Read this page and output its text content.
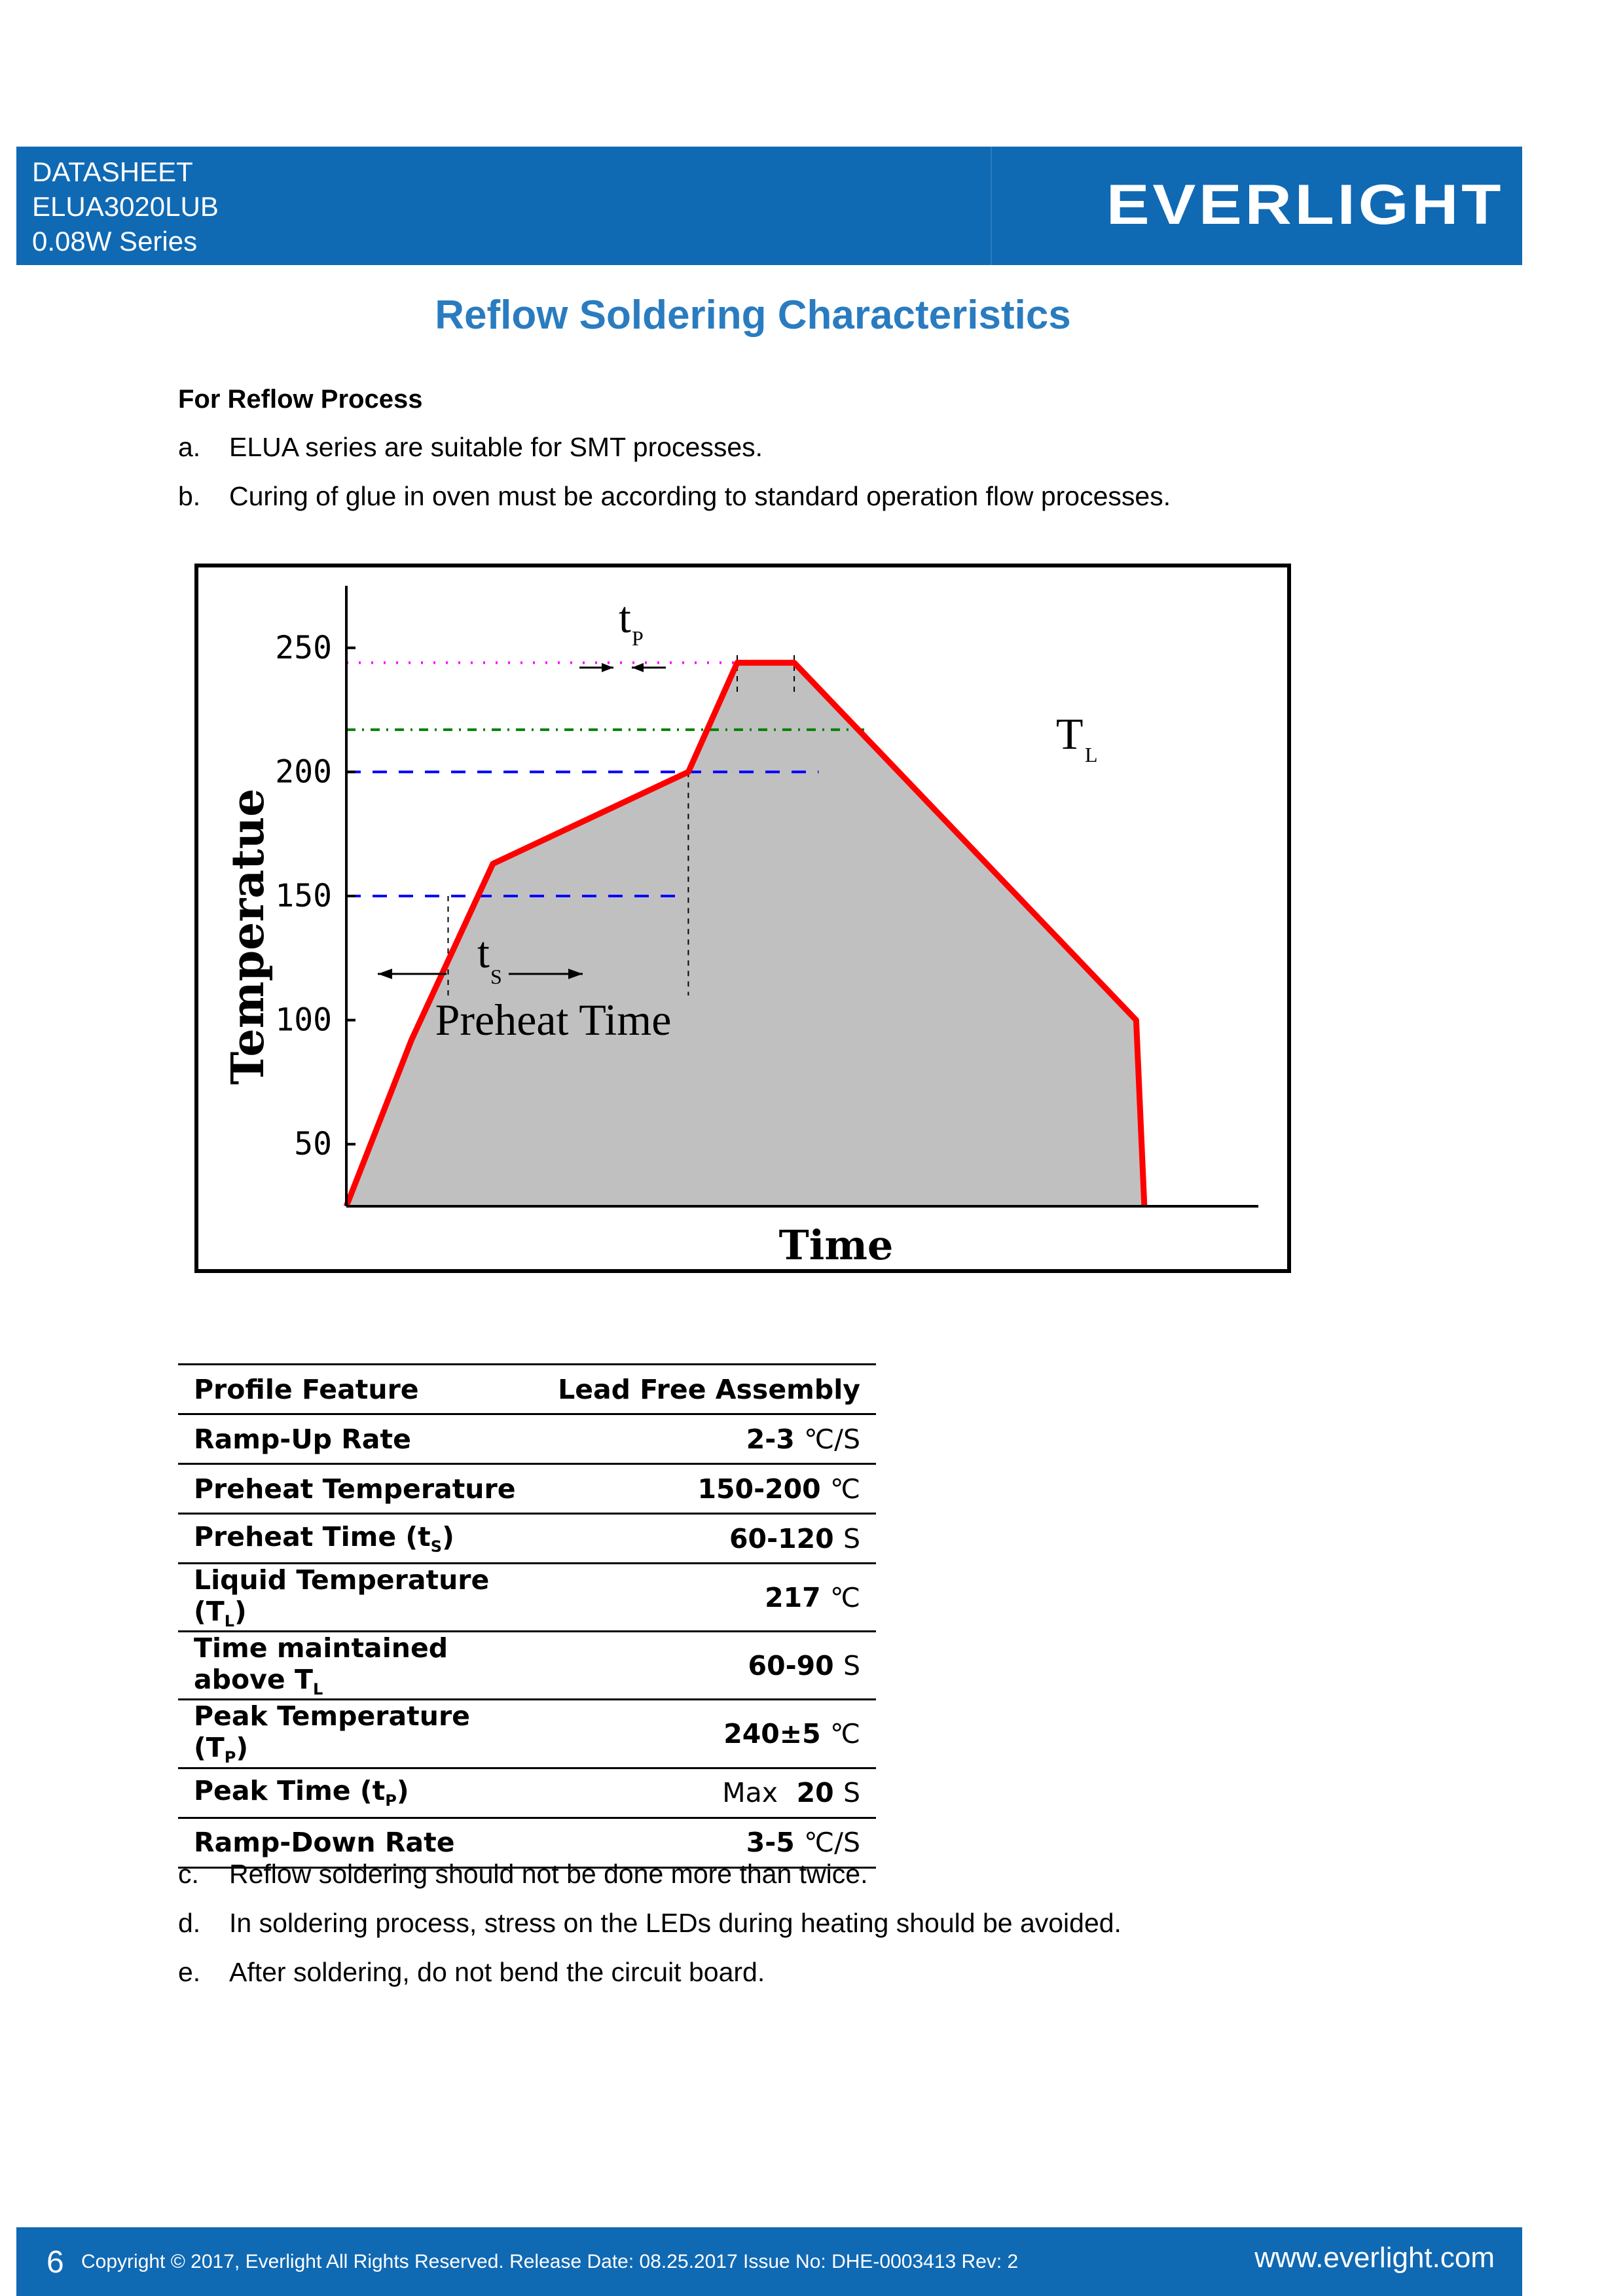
DATASHEET
ELUA3020LUB
0.08W Series
EVERLIGHT
Reflow Soldering Characteristics
For Reflow Process
a. ELUA series are suitable for SMT processes.
b. Curing of glue in oven must be according to standard operation flow processes.
50
100
150
200
250
Temperatue
Time
t P
T L
t S
Preheat Time
Profile Feature	Lead Free Assembly
Ramp-Up Rate	2-3 ℃/S
Preheat Temperature	150-200 ℃
Preheat Time $(t_S)$	60-120 S
Liquid Temperature $(T_L)$	217 ℃
Time maintained above $T_L$	60-90 S
Peak Temperature $(T_P)$	240±5 ℃
Peak Time $(t_P)$	Max 20 S
Ramp-Down Rate	3-5 ℃/S
c. Reflow soldering should not be done more than twice.
d. In soldering process, stress on the LEDs during heating should be avoided.
e. After soldering, do not bend the circuit board.
6 Copyright © 2017, Everlight All Rights Reserved. Release Date: 08.25.2017 Issue No: DHE-0003413 Rev: 2	www.everlight.com
